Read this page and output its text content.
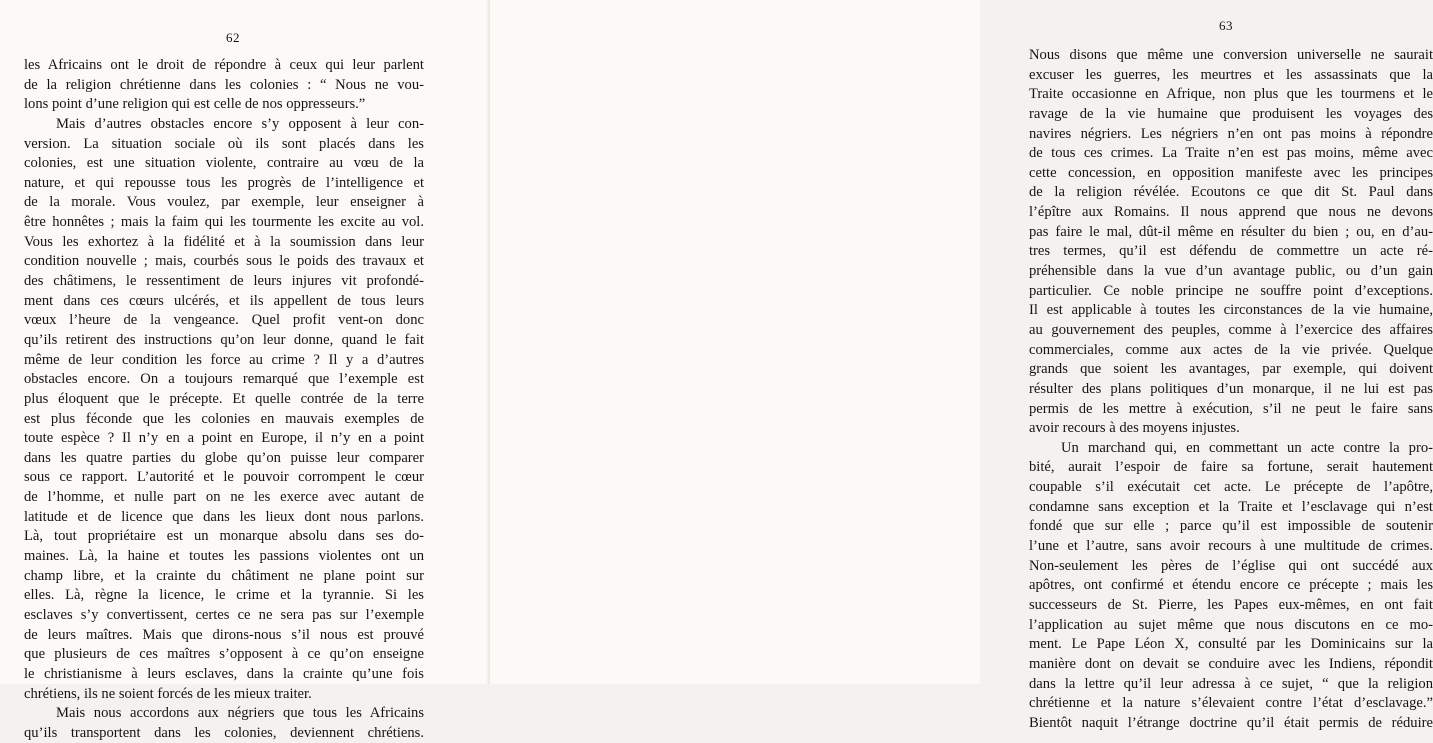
62
les Africains ont le droit de répondre à ceux qui leur parlent
de la religion chrétienne dans les colonies : “ Nous ne vou-
lons point d’une religion qui est celle de nos oppresseurs.”
Mais d’autres obstacles encore s’y opposent à leur con-
version. La situation sociale où ils sont placés dans les
colonies, est une situation violente, contraire au vœu de la
nature, et qui repousse tous les progrès de l’intelligence et
de la morale. Vous voulez, par exemple, leur enseigner à
être honnêtes ; mais la faim qui les tourmente les excite au vol.
Vous les exhortez à la fidélité et à la soumission dans leur
condition nouvelle ; mais, courbés sous le poids des travaux et
des châtimens, le ressentiment de leurs injures vit profondé-
ment dans ces cœurs ulcérés, et ils appellent de tous leurs
vœux l’heure de la vengeance. Quel profit vent-on donc
qu’ils retirent des instructions qu’on leur donne, quand le fait
même de leur condition les force au crime ? Il y a d’autres
obstacles encore. On a toujours remarqué que l’exemple est
plus éloquent que le précepte. Et quelle contrée de la terre
est plus féconde que les colonies en mauvais exemples de
toute espèce ? Il n’y en a point en Europe, il n’y en a point
dans les quatre parties du globe qu’on puisse leur comparer
sous ce rapport. L’autorité et le pouvoir corrompent le cœur
de l’homme, et nulle part on ne les exerce avec autant de
latitude et de licence que dans les lieux dont nous parlons.
Là, tout propriétaire est un monarque absolu dans ses do-
maines. Là, la haine et toutes les passions violentes ont un
champ libre, et la crainte du châtiment ne plane point sur
elles. Là, règne la licence, le crime et la tyrannie. Si les
esclaves s’y convertissent, certes ce ne sera pas sur l’exemple
de leurs maîtres. Mais que dirons-nous s’il nous est prouvé
que plusieurs de ces maîtres s’opposent à ce qu’on enseigne
le christianisme à leurs esclaves, dans la crainte qu’une fois
chrétiens, ils ne soient forcés de les mieux traiter.
Mais nous accordons aux négriers que tous les Africains
qu’ils transportent dans les colonies, deviennent chrétiens.
63
Nous disons que même une conversion universelle ne saurait
excuser les guerres, les meurtres et les assassinats que la
Traite occasionne en Afrique, non plus que les tourmens et le
ravage de la vie humaine que produisent les voyages des
navires négriers. Les négriers n’en ont pas moins à répondre
de tous ces crimes. La Traite n’en est pas moins, même avec
cette concession, en opposition manifeste avec les principes
de la religion révélée. Ecoutons ce que dit St. Paul dans
l’épître aux Romains. Il nous apprend que nous ne devons
pas faire le mal, dût-il même en résulter du bien ; ou, en d’au-
tres termes, qu’il est défendu de commettre un acte ré-
préhensible dans la vue d’un avantage public, ou d’un gain
particulier. Ce noble principe ne souffre point d’exceptions.
Il est applicable à toutes les circonstances de la vie humaine,
au gouvernement des peuples, comme à l’exercice des affaires
commerciales, comme aux actes de la vie privée. Quelque
grands que soient les avantages, par exemple, qui doivent
résulter des plans politiques d’un monarque, il ne lui est pas
permis de les mettre à exécution, s’il ne peut le faire sans
avoir recours à des moyens injustes.
Un marchand qui, en commettant un acte contre la pro-
bité, aurait l’espoir de faire sa fortune, serait hautement
coupable s’il exécutait cet acte. Le précepte de l’apôtre,
condamne sans exception et la Traite et l’esclavage qui n’est
fondé que sur elle ; parce qu’il est impossible de soutenir
l’une et l’autre, sans avoir recours à une multitude de crimes.
Non-seulement les pères de l’église qui ont succédé aux
apôtres, ont confirmé et étendu encore ce précepte ; mais les
successeurs de St. Pierre, les Papes eux-mêmes, en ont fait
l’application au sujet même que nous discutons en ce mo-
ment. Le Pape Léon X, consulté par les Dominicains sur la
manière dont on devait se conduire avec les Indiens, répondit
dans la lettre qu’il leur adressa à ce sujet, “ que la religion
chrétienne et la nature s’élevaient contre l’état d’esclavage.”
Bientôt naquit l’étrange doctrine qu’il était permis de réduire
